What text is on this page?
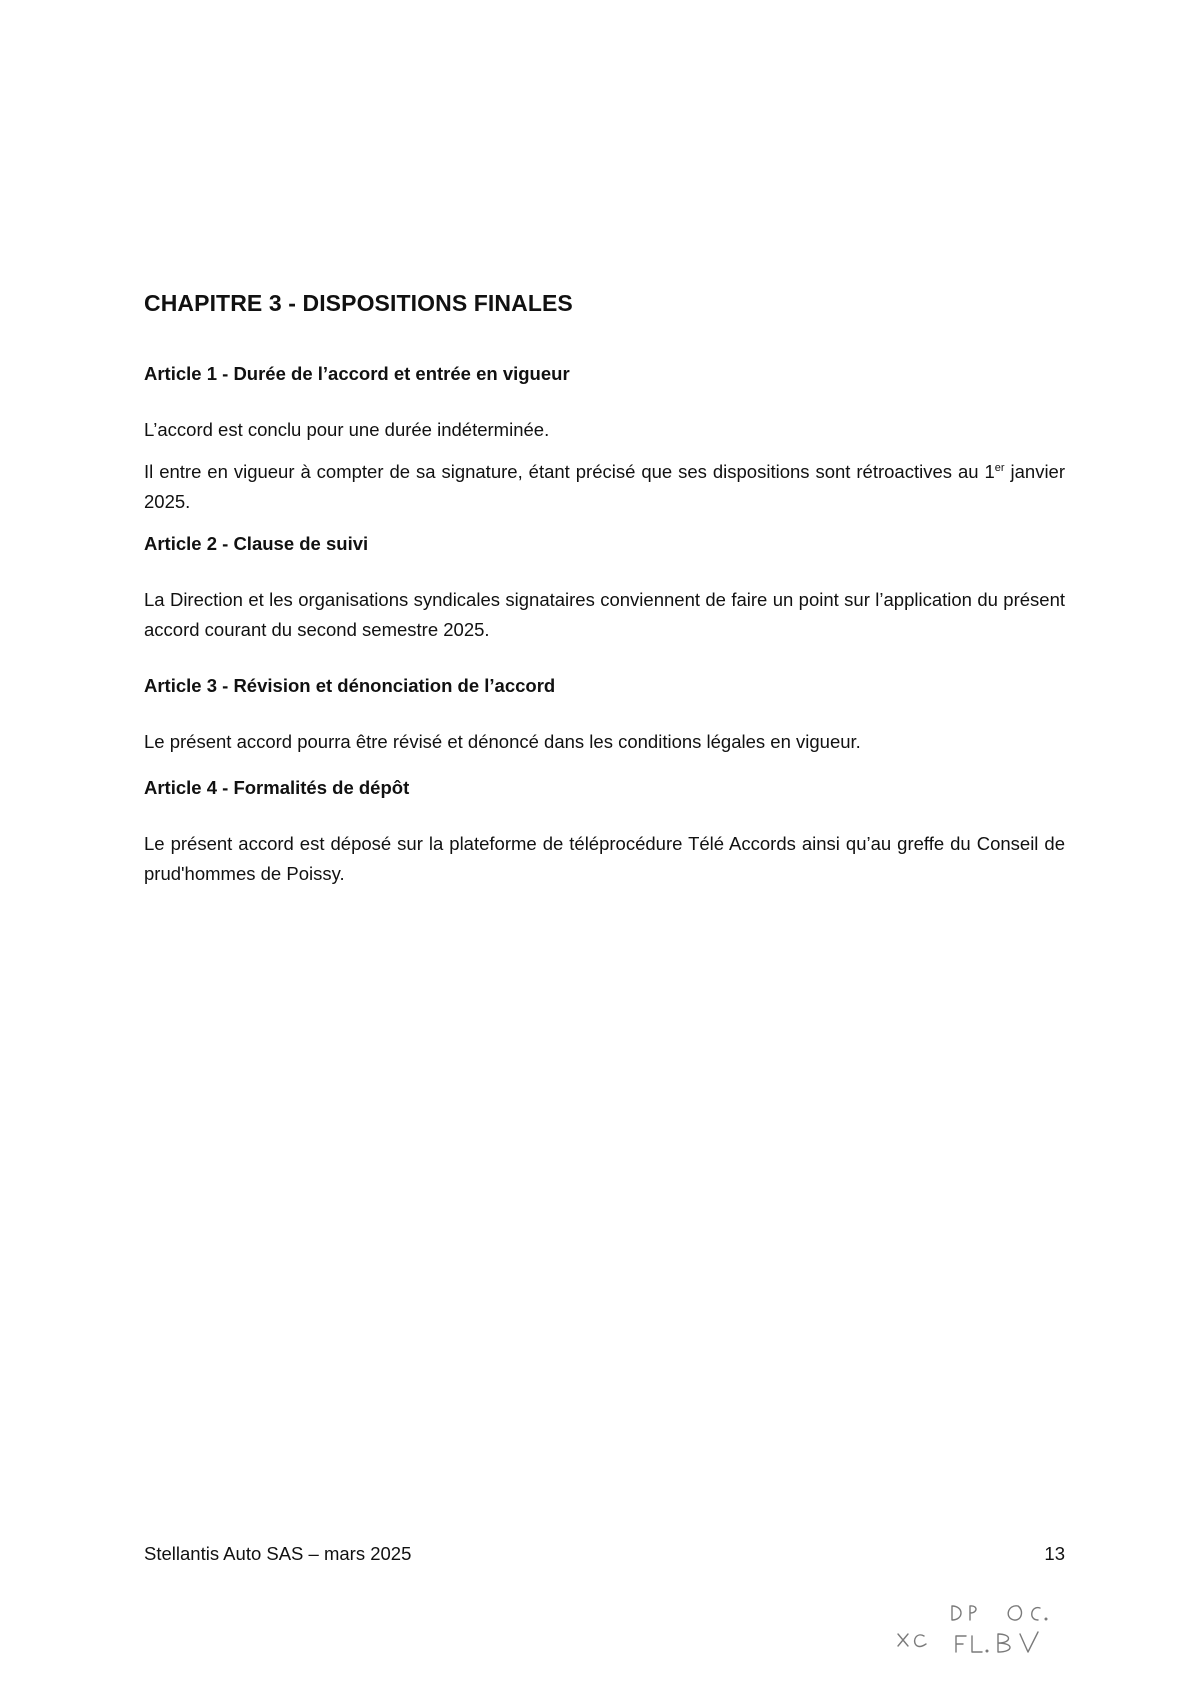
CHAPITRE 3 - DISPOSITIONS FINALES
Article 1 - Durée de l’accord et entrée en vigueur

L’accord est conclu pour une durée indéterminée.

Il entre en vigueur à compter de sa signature, étant précisé que ses dispositions sont rétroactives au 1er janvier 2025.

Article 2 - Clause de suivi

La Direction et les organisations syndicales signataires conviennent de faire un point sur l’application du présent accord courant du second semestre 2025.

Article 3 - Révision et dénonciation de l’accord

Le présent accord pourra être révisé et dénoncé dans les conditions légales en vigueur.

Article 4 - Formalités de dépôt

Le présent accord est déposé sur la plateforme de téléprocédure Télé Accords ainsi qu’au greffe du Conseil de prud'hommes de Poissy.

Stellantis Auto SAS – mars 2025	13
